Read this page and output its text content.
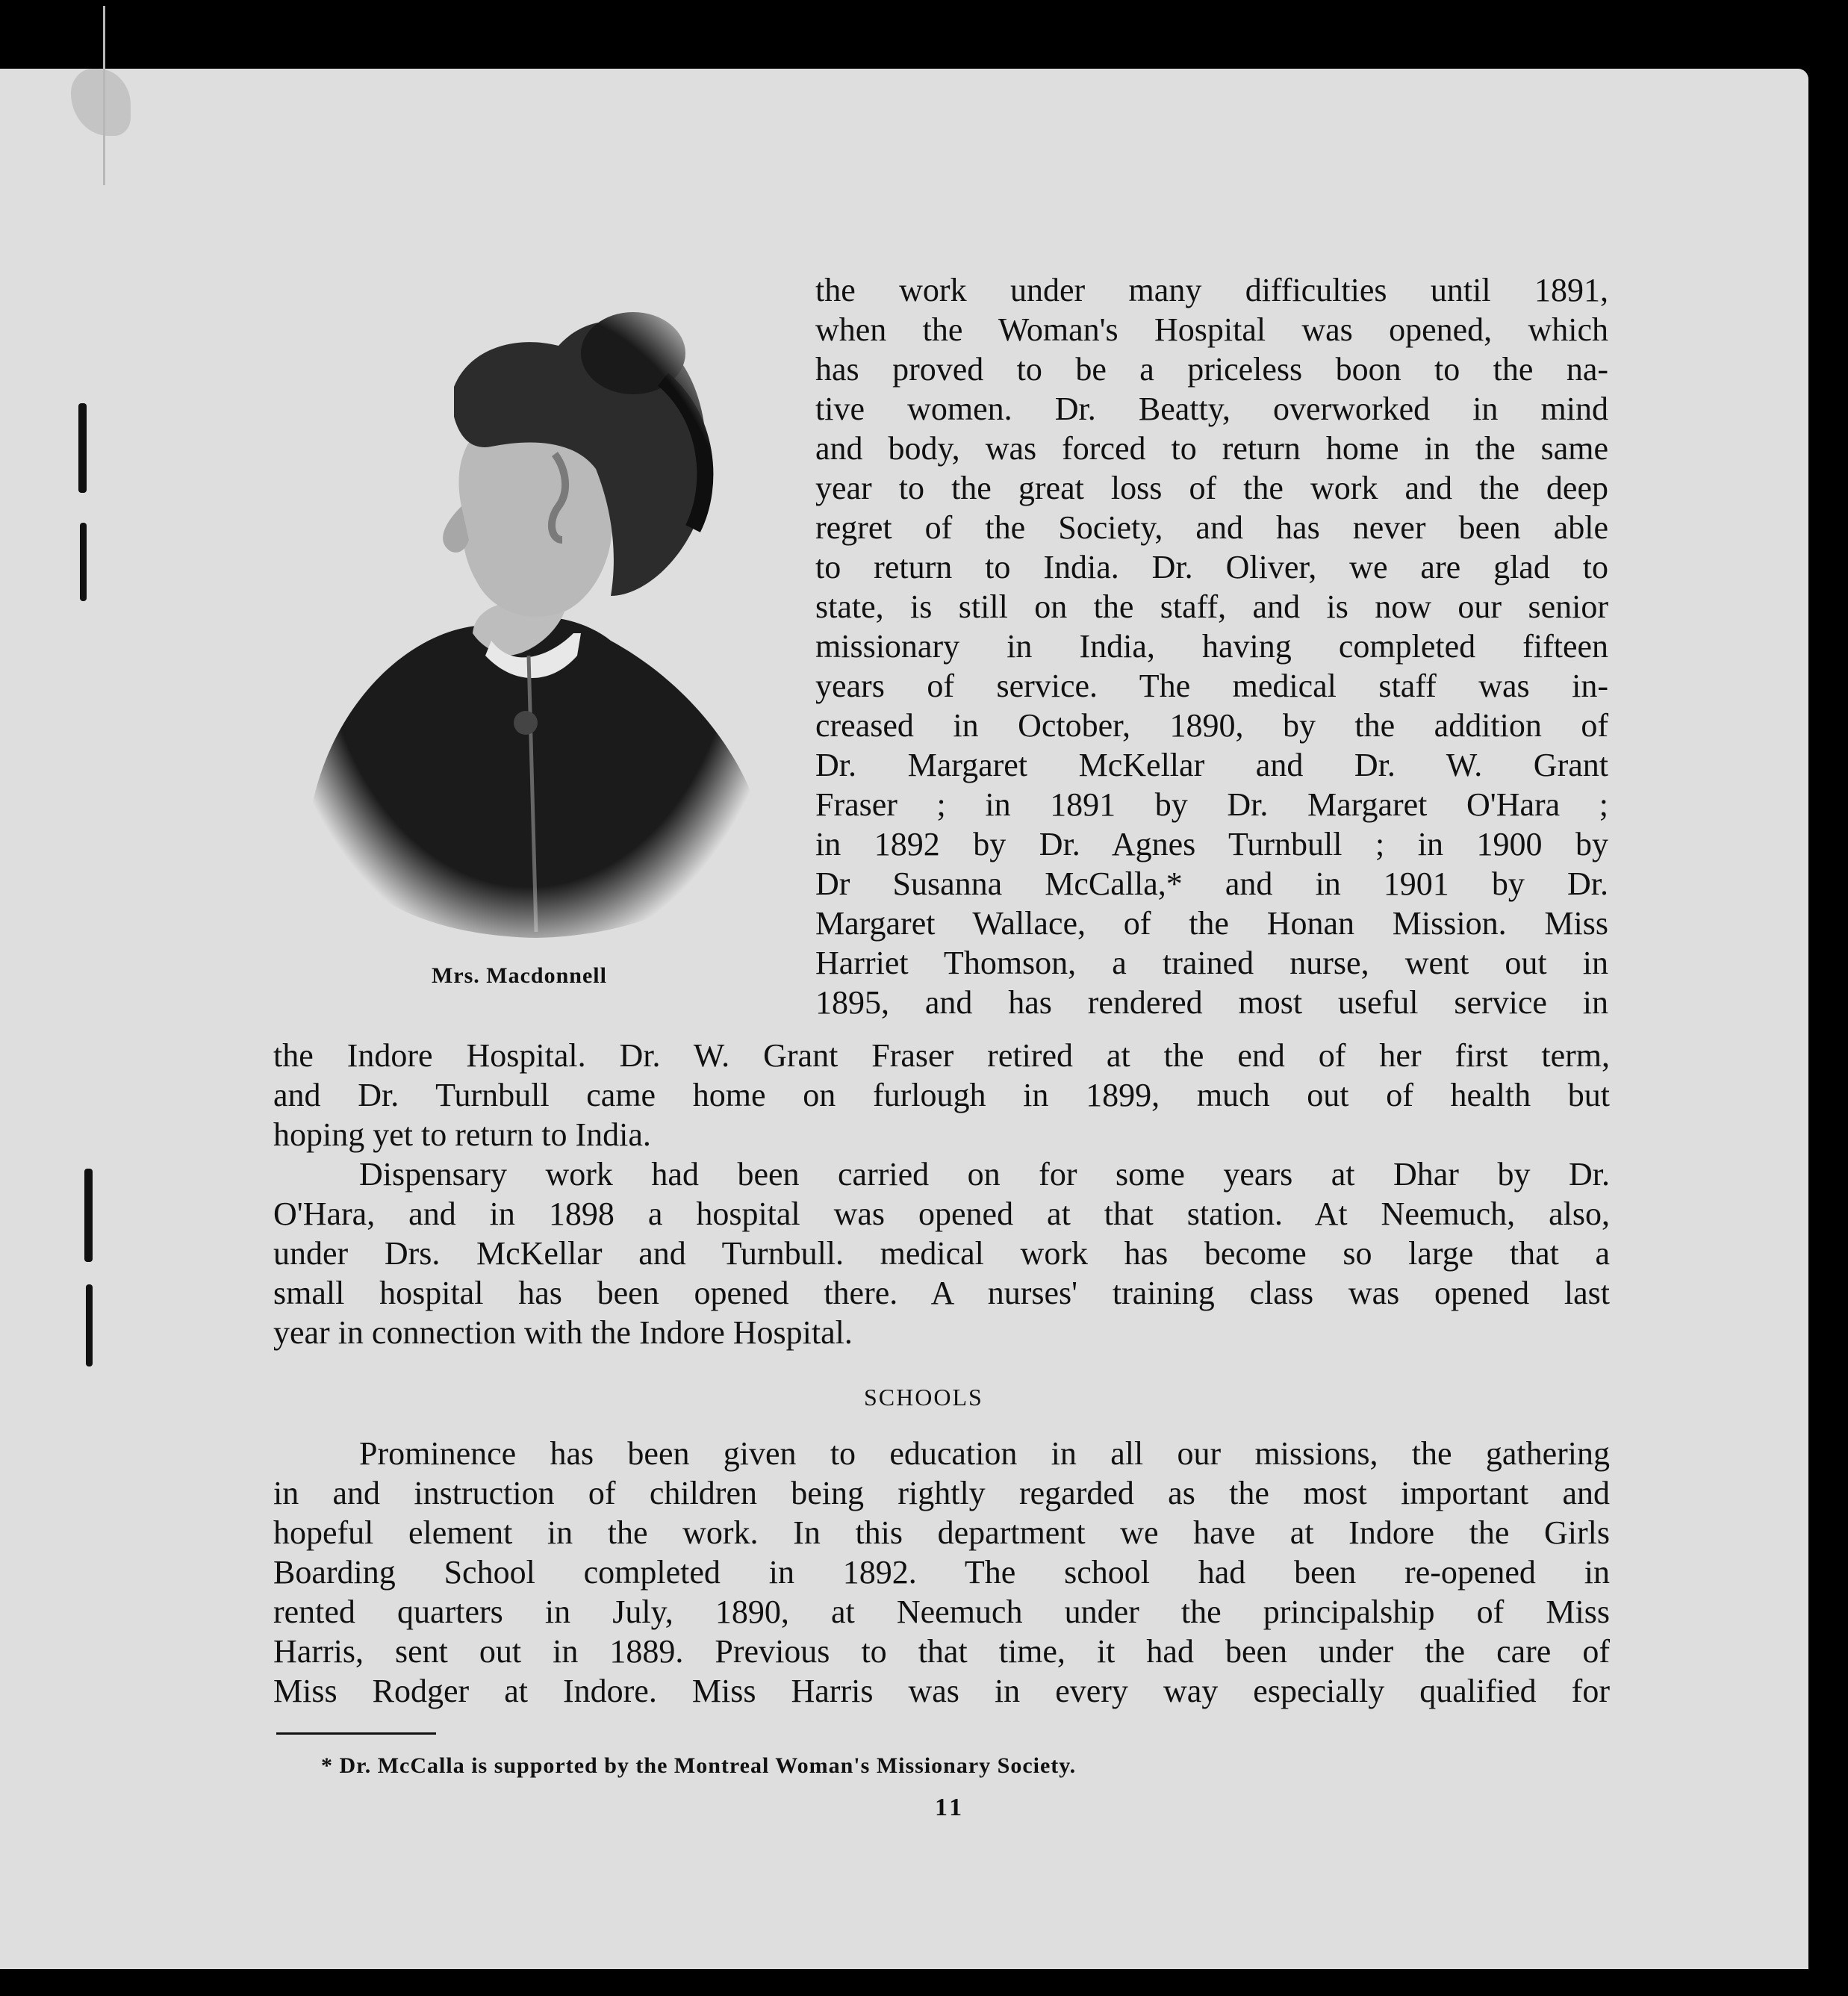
Mrs. Macdonnell
the work under many difficulties until 1891,
when the Woman's Hospital was opened, which
has proved to be a priceless boon to the na-
tive women. Dr. Beatty, overworked in mind
and body, was forced to return home in the same
year to the great loss of the work and the deep
regret of the Society, and has never been able
to return to India. Dr. Oliver, we are glad to
state, is still on the staff, and is now our senior
missionary in India, having completed fifteen
years of service. The medical staff was in-
creased in October, 1890, by the addition of
Dr. Margaret McKellar and Dr. W. Grant
Fraser ; in 1891 by Dr. Margaret O'Hara ;
in 1892 by Dr. Agnes Turnbull ; in 1900 by
Dr Susanna McCalla,* and in 1901 by Dr.
Margaret Wallace, of the Honan Mission. Miss
Harriet Thomson, a trained nurse, went out in
1895, and has rendered most useful service in
the Indore Hospital. Dr. W. Grant Fraser retired at the end of her first term,
and Dr. Turnbull came home on furlough in 1899, much out of health but
hoping yet to return to India.
Dispensary work had been carried on for some years at Dhar by Dr.
O'Hara, and in 1898 a hospital was opened at that station. At Neemuch, also,
under Drs. McKellar and Turnbull. medical work has become so large that a
small hospital has been opened there. A nurses' training class was opened last
year in connection with the Indore Hospital.
SCHOOLS
Prominence has been given to education in all our missions, the gathering
in and instruction of children being rightly regarded as the most important and
hopeful element in the work. In this department we have at Indore the Girls
Boarding School completed in 1892. The school had been re-opened in
rented quarters in July, 1890, at Neemuch under the principalship of Miss
Harris, sent out in 1889. Previous to that time, it had been under the care of
Miss Rodger at Indore. Miss Harris was in every way especially qualified for
* Dr. McCalla is supported by the Montreal Woman's Missionary Society.
11
